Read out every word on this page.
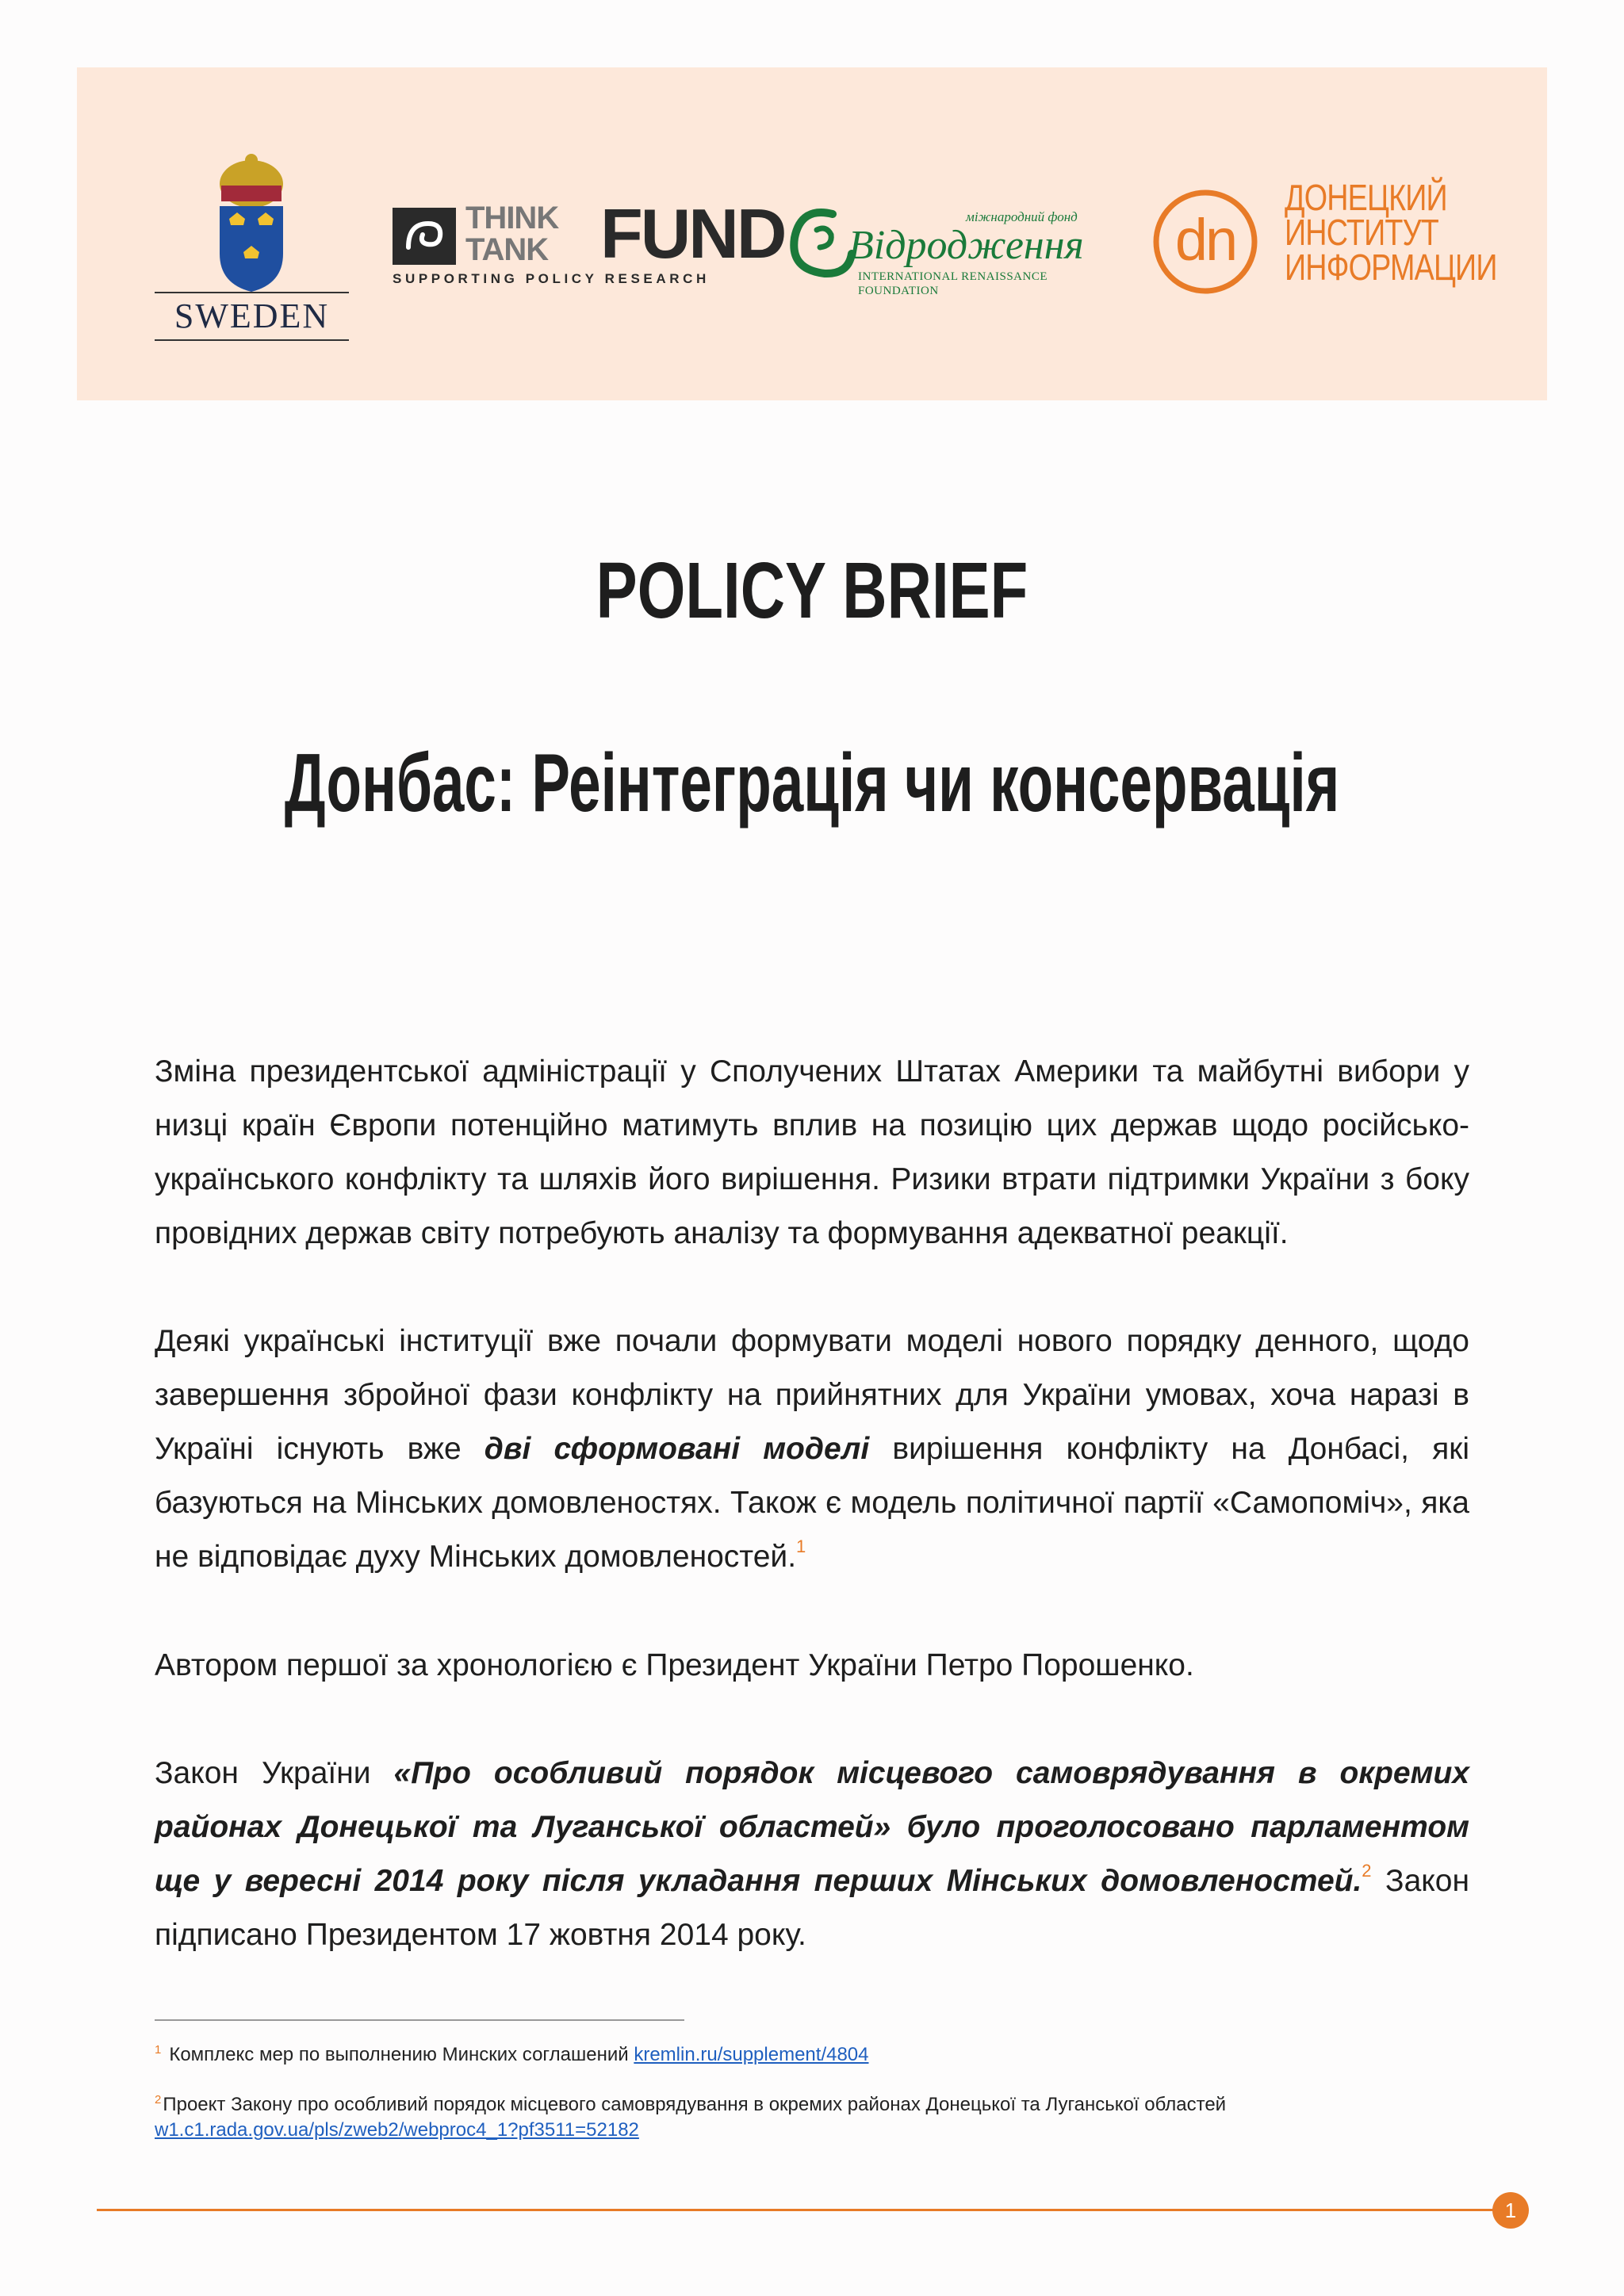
SWEDEN
THINK
TANK FUND
SUPPORTING POLICY RESEARCH
міжнародний фонд
Відродження
INTERNATIONAL RENAISSANCE FOUNDATION
dn
ДОНЕЦКИЙ
ИНСТИТУТ
ИНФОРМАЦИИ
POLICY BRIEF
Донбас: Реінтеграція чи консервація

Зміна президентської адміністрації у Сполучених Штатах Америки та майбутні вибори у низці країн Європи потенційно матимуть вплив на позицію цих держав щодо російсько-українського конфлікту та шляхів його вирішення. Ризики втрати підтримки України з боку провідних держав світу потребують аналізу та формування адекватної реакції.

Деякі українські інституції вже почали формувати моделі нового порядку денного, щодо завершення збройної фази конфлікту на прийнятних для України умовах, хоча наразі в Україні існують вже дві сформовані моделі вирішення конфлікту на Донбасі, які базуються на Мінських домовленостях. Також є модель політичної партії «Самопоміч», яка не відповідає духу Мінських домовленостей.$^1$

Автором першої за хронологією є Президент України Петро Порошенко.

Закон України «Про особливий порядок місцевого самоврядування в окремих районах Донецької та Луганської областей» було проголосовано парламентом ще у вересні 2014 року після укладання перших Мінських домовленостей.$^2$ Закон підписано Президентом 17 жовтня 2014 року.

$^1$ Комплекс мер по выполнению Минских соглашений kremlin.ru/supplement/4804
$^2$Проект Закону про особливий порядок місцевого самоврядування в окремих районах Донецької та Луганської областей w1.c1.rada.gov.ua/pls/zweb2/webproc4_1?pf3511=52182
1
